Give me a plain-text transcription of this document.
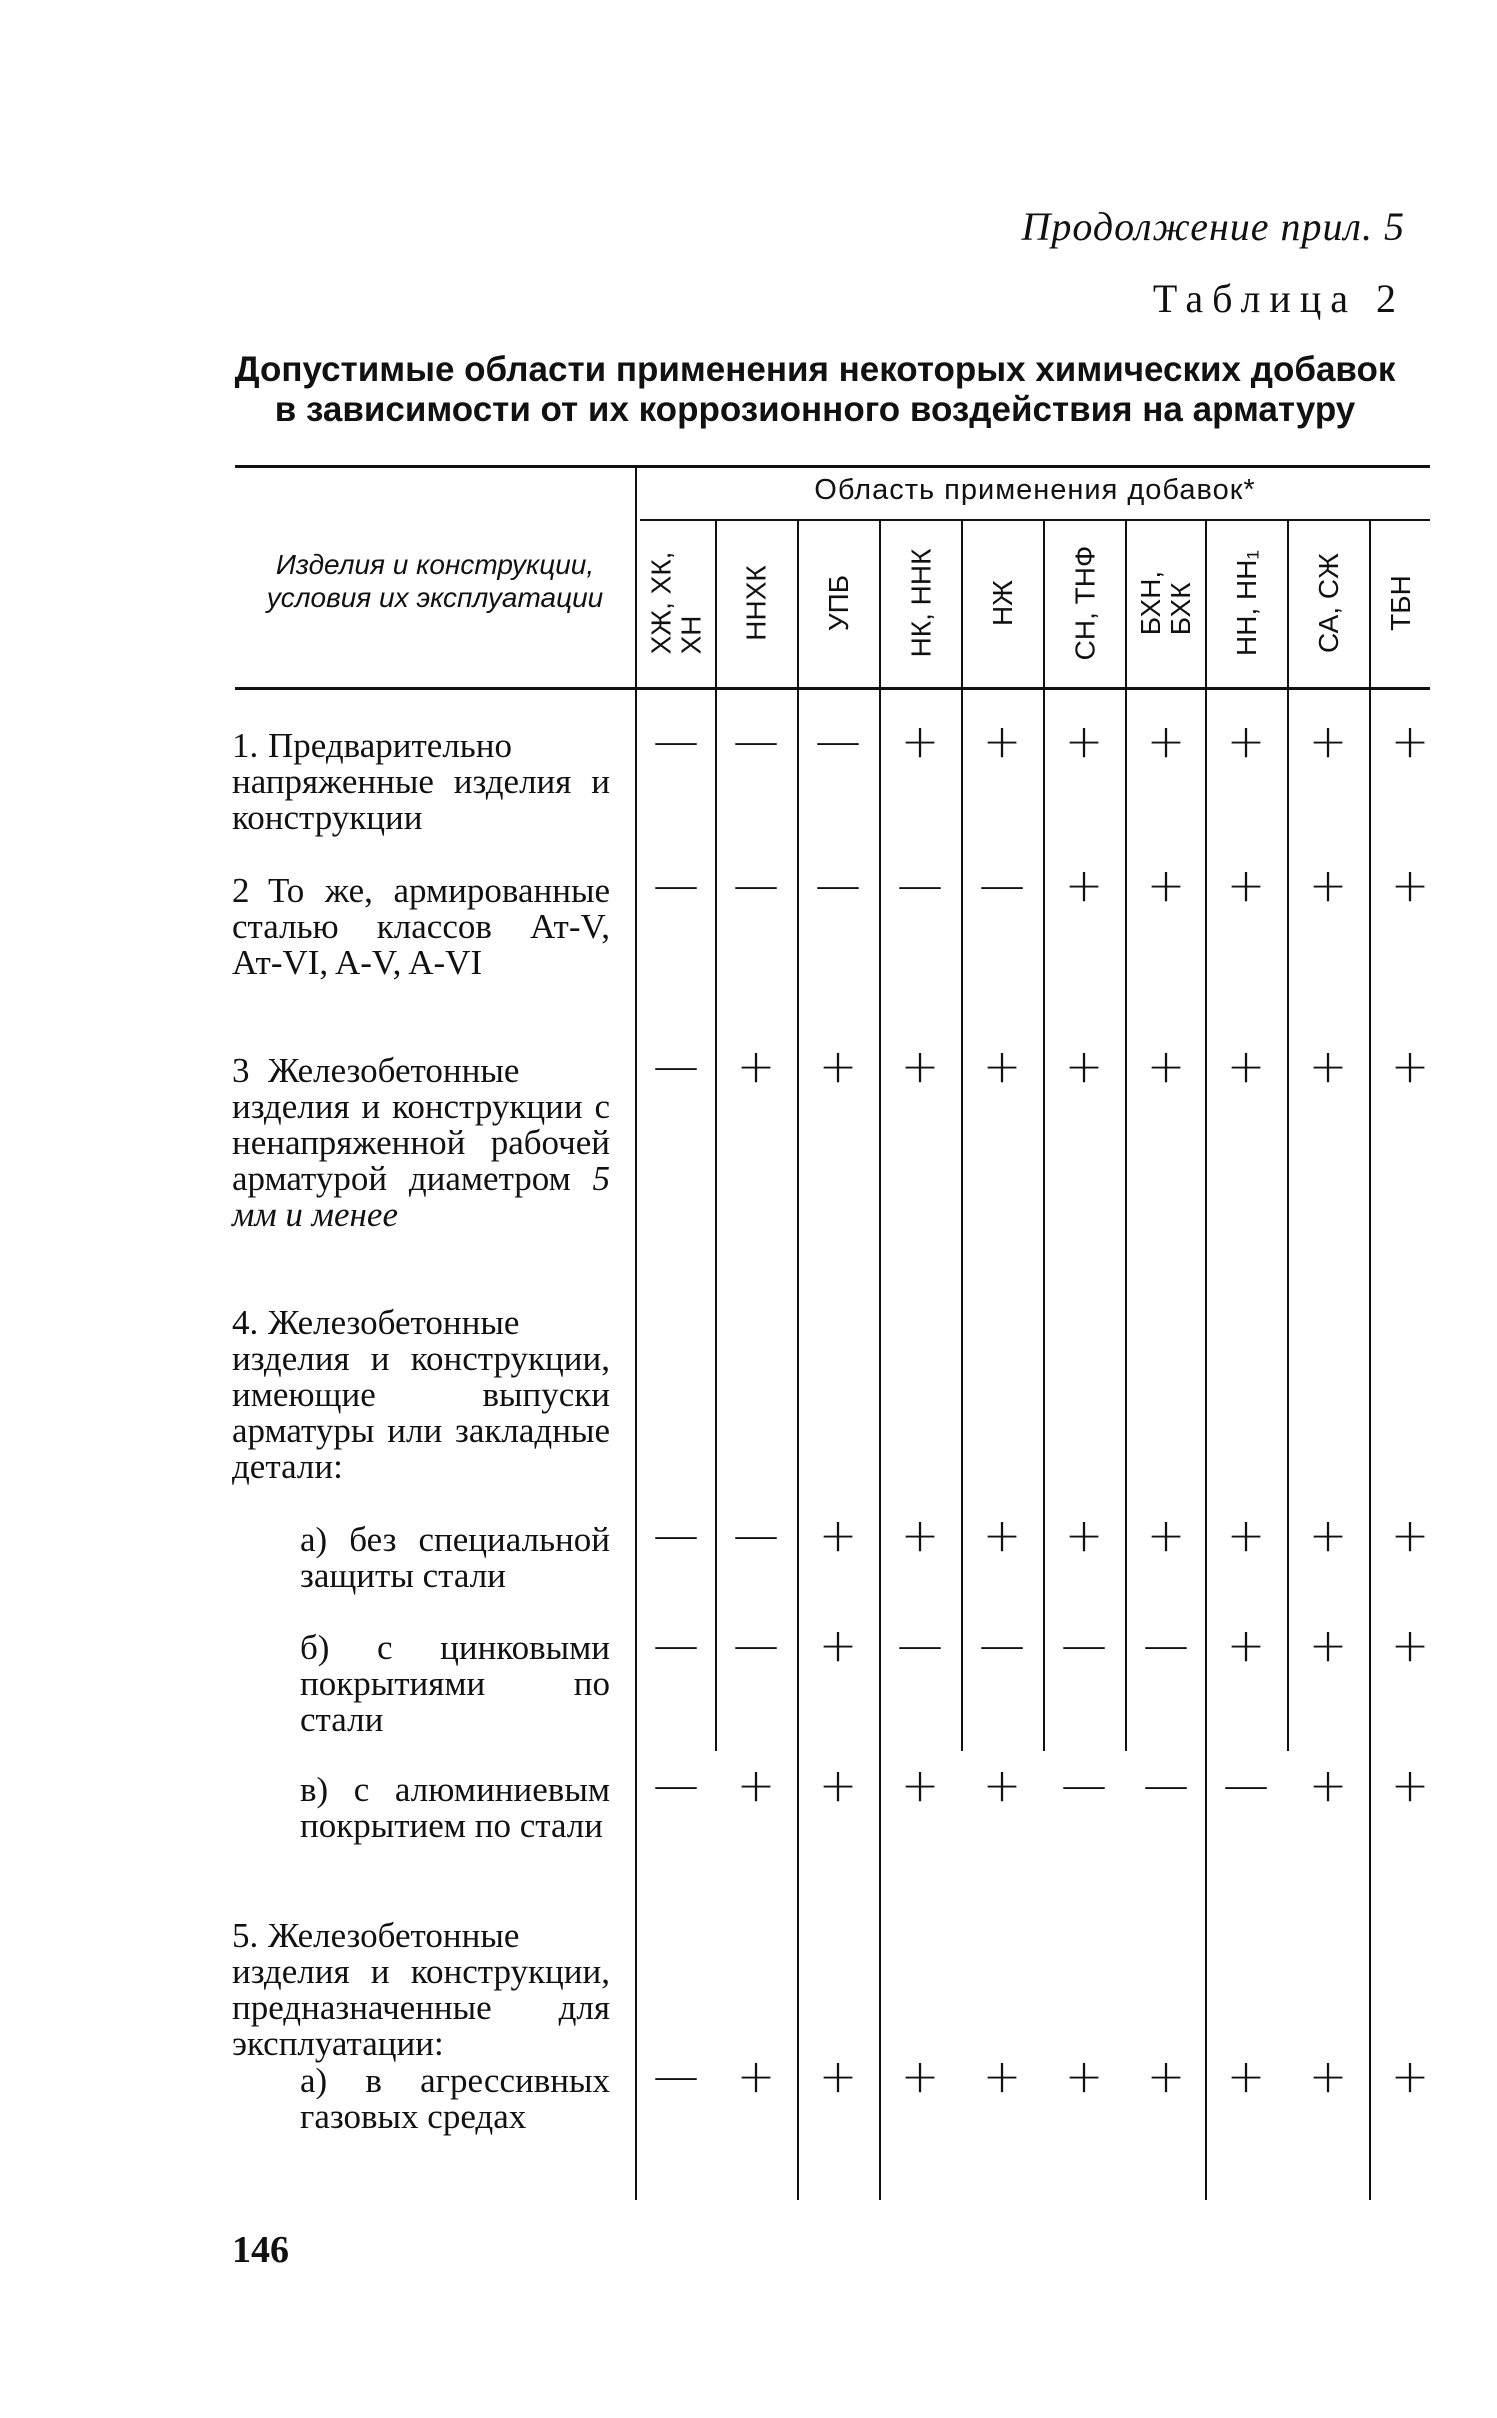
Продолжение прил. 5
Таблица 2
Допустимые области применения некоторых химических добавок
в зависимости от их коррозионного воздействия на арматуру
Область применения добавок*
Изделия и конструкции,
условия их эксплуатации
ХЖ, ХК,
ХН ННХК УПБ НК, ННК НЖ СН, ТНФ БХН,
БХК НН, НН₁ СА, СЖ ТБН
1. Предварительно напряженные изделия и конструкции
2 То же, армированные сталью классов Ат-V, Ат-VI, A-V, A-VI
3 Железобетонные изделия и конструкции с ненапряженной рабочей арматурой диаметром 5 мм и менее
4. Железобетонные изделия и конструкции, имеющие выпуски арматуры или закладные детали:
а) без специальной защиты стали
б) с цинковыми покрытиями по стали
в) с алюминиевым покрытием по стали
5. Железобетонные изделия и конструкции, предназначенные для эксплуатации:
а) в агрессивных газовых средах
— — — + + + + + + +
— — — — — + + + + +
— + + + + + + + + +
— — + + + + + + + +
— — + — — — — + + +
— + + + + — — — + +
— + + + + + + + + +
146
